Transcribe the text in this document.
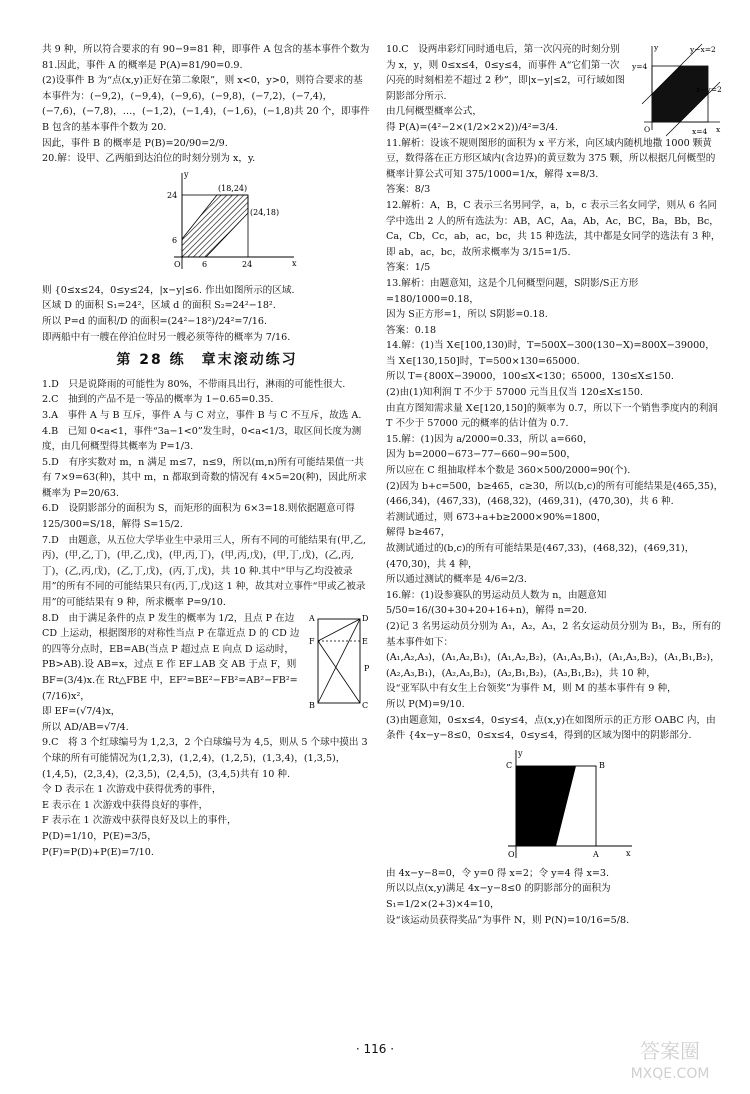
共 9 种，所以符合要求的有 90−9=81 种，即事件 A 包含的基本事件个数为 81.因此，事件 A 的概率是 P(A)=81/90=0.9.

(2)设事件 B 为“点(x,y)正好在第二象限”，则 x<0，y>0，则符合要求的基本事件为：(−9,2)，(−9,4)，(−9,6)，(−9,8)，(−7,2)，(−7,4)，(−7,6)，(−7,8)，…，(−1,2)，(−1,4)，(−1,6)，(−1,8)共 20 个，即事件 B 包含的基本事件个数为 20.

因此，事件 B 的概率是 P(B)=20/90=2/9.

20.解：设甲、乙两船到达泊位的时刻分别为 x，y.

y
x
O
(18,24)
(24,18)
24
6
6	24

则 {0≤x≤24，0≤y≤24，|x−y|≤6. 作出如图所示的区域.

区域 D 的面积 S₁=24²，区域 d 的面积 S₂=24²−18².

所以 P=d 的面积/D 的面积=(24²−18²)/24²=7/16.

即两船中有一艘在停泊位时另一艘必须等待的概率为 7/16.

第 28 练　章末滚动练习

1.D　只是说降雨的可能性为 80%，不带雨具出行，淋雨的可能性很大.

2.C　抽到的产品不是一等品的概率为 1−0.65=0.35.

3.A　事件 A 与 B 互斥，事件 A 与 C 对立，事件 B 与 C 不互斥，故选 A.

4.B　已知 0<a<1，事件“3a−1<0”发生时，0<a<1/3，取区间长度为测度，由几何概型得其概率为 P=1/3.

5.D　有序实数对 m，n 满足 m≤7，n≤9，所以(m,n)所有可能结果值一共有 7×9=63(种)，其中 m，n 都取到奇数的情况有 4×5=20(种)，因此所求概率为 P=20/63.

6.D　设阴影部分的面积为 S，而矩形的面积为 6×3=18.则依据题意可得 125/300=S/18，解得 S=15/2.

7.D　由题意，从五位大学毕业生中录用三人，所有不同的可能结果有(甲,乙,丙)，(甲,乙,丁)，(甲,乙,戊)，(甲,丙,丁)，(甲,丙,戊)，(甲,丁,戊)，(乙,丙,丁)，(乙,丙,戊)，(乙,丁,戊)，(丙,丁,戊)，共 10 种.其中“甲与乙均没被录用”的所有不同的可能结果只有(丙,丁,戊)这 1 种，故其对立事件“甲或乙被录用”的可能结果有 9 种，所求概率 P=9/10.

A	D
F	E
P
B	C

8.D　由于满足条件的点 P 发生的概率为 1/2，且点 P 在边 CD 上运动，根据图形的对称性当点 P 在靠近点 D 的 CD 边的四等分点时，EB=AB(当点 P 超过点 E 向点 D 运动时，PB>AB).设 AB=x，过点 E 作 EF⊥AB 交 AB 于点 F，则 BF=(3/4)x.在 Rt△FBE 中，EF²=BE²−FB²=AB²−FB²=(7/16)x²，

即 EF=(√7/4)x，

所以 AD/AB=√7/4.

9.C　将 3 个红球编号为 1,2,3，2 个白球编号为 4,5，则从 5 个球中摸出 3 个球的所有可能情况为(1,2,3)，(1,2,4)，(1,2,5)，(1,3,4)，(1,3,5)，(1,4,5)，(2,3,4)，(2,3,5)，(2,4,5)，(3,4,5)共有 10 种.

令 D 表示在 1 次游戏中获得优秀的事件，

E 表示在 1 次游戏中获得良好的事件，

F 表示在 1 次游戏中获得良好及以上的事件，

P(D)=1/10，P(E)=3/5，

P(F)=P(D)+P(E)=7/10.

y
x
y−x=2
y=4
x−y=2
O	x=4

10.C　设两串彩灯同时通电后，第一次闪亮的时刻分别为 x，y，则 0≤x≤4，0≤y≤4，而事件 A“它们第一次闪亮的时刻相差不超过 2 秒”，即|x−y|≤2，可行域如图阴影部分所示.

由几何概型概率公式，

得 P(A)=(4²−2×(1/2×2×2))/4²=3/4.

11.解析：设该不规则图形的面积为 x 平方米，向区域内随机地撒 1000 颗黄豆，数得落在正方形区域内(含边界)的黄豆数为 375 颗，所以根据几何概型的概率计算公式可知 375/1000=1/x，解得 x=8/3.

答案：8/3

12.解析：A，B，C 表示三名男同学，a，b，c 表示三名女同学，则从 6 名同学中选出 2 人的所有选法为：AB，AC，Aa，Ab，Ac，BC，Ba，Bb，Bc，Ca，Cb，Cc，ab，ac，bc，共 15 种选法，其中都是女同学的选法有 3 种，即 ab，ac，bc，故所求概率为 3/15=1/5.

答案：1/5

13.解析：由题意知，这是个几何概型问题，S阴影/S正方形=180/1000=0.18，

因为 S正方形=1，所以 S阴影=0.18.

答案：0.18

14.解：(1)当 X∈[100,130)时，T=500X−300(130−X)=800X−39000，

当 X∈[130,150]时，T=500×130=65000.

所以 T={800X−39000，100≤X<130；65000，130≤X≤150.

(2)由(1)知利润 T 不少于 57000 元当且仅当 120≤X≤150.

由直方图知需求量 X∈[120,150]的频率为 0.7，所以下一个销售季度内的利润 T 不少于 57000 元的概率的估计值为 0.7.

15.解：(1)因为 a/2000=0.33，所以 a=660，

因为 b=2000−673−77−660−90=500，

所以应在 C 组抽取样本个数是 360×500/2000=90(个).

(2)因为 b+c=500，b≥465，c≥30，所以(b,c)的所有可能结果是(465,35)，(466,34)，(467,33)，(468,32)，(469,31)，(470,30)，共 6 种.

若测试通过，则 673+a+b≥2000×90%=1800，

解得 b≥467，

故测试通过的(b,c)的所有可能结果是(467,33)，(468,32)，(469,31)，(470,30)，共 4 种，

所以通过测试的概率是 4/6=2/3.

16.解：(1)设参赛队的男运动员人数为 n，由题意知

5/50=16/(30+30+20+16+n)，解得 n=20.

(2)记 3 名男运动员分别为 A₁，A₂，A₃，2 名女运动员分别为 B₁，B₂，所有的基本事件如下：

(A₁,A₂,A₃)，(A₁,A₂,B₁)，(A₁,A₂,B₂)，(A₁,A₃,B₁)，(A₁,A₃,B₂)，(A₁,B₁,B₂)，(A₂,A₃,B₁)，(A₂,A₃,B₂)，(A₂,B₁,B₂)，(A₃,B₁,B₂)，共 10 种，

设“亚军队中有女生上台领奖”为事件 M，则 M 的基本事件有 9 种，

所以 P(M)=9/10.

(3)由题意知，0≤x≤4，0≤y≤4，点(x,y)在如图所示的正方形 OABC 内，由条件 {4x−y−8≤0，0≤x≤4，0≤y≤4，得到的区域为图中的阴影部分.

y
x
O	A
B
C

由 4x−y−8=0，令 y=0 得 x=2；令 y=4 得 x=3.

所以以点(x,y)满足 4x−y−8≤0 的阴影部分的面积为

S₁=1/2×(2+3)×4=10，

设“该运动员获得奖品”为事件 N，则 P(N)=10/16=5/8.

· 116 ·	答案圈
MXQE.COM
